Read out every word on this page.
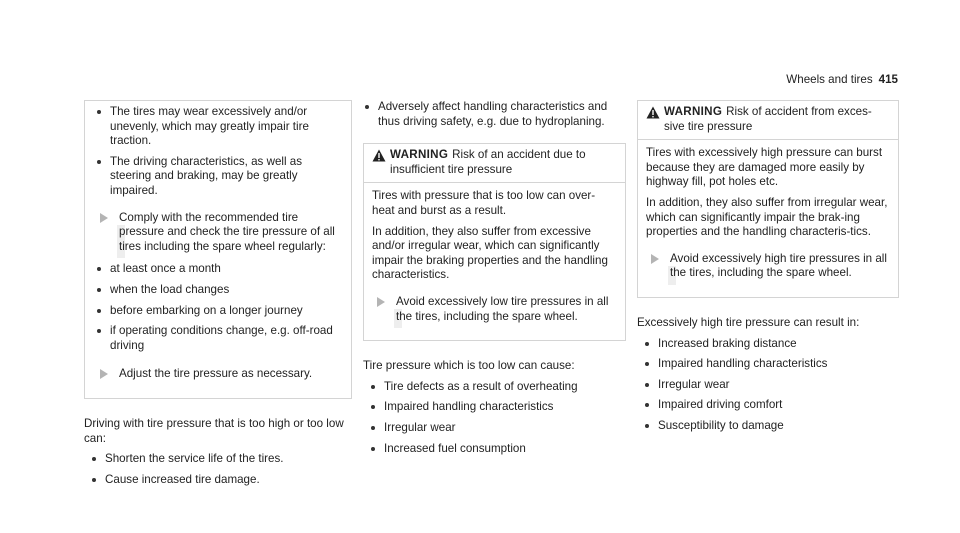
Wheels and tires 415
The tires may wear excessively and/or unevenly, which may greatly impair tire traction.
The driving characteristics, as well as steering and braking, may be greatly impaired.
Comply with the recommended tire pressure and check the tire pressure of all tires including the spare wheel regularly:
at least once a month
when the load changes
before embarking on a longer journey
if operating conditions change, e.g. off-road driving
Adjust the tire pressure as necessary.

Driving with tire pressure that is too high or too low can:

Shorten the service life of the tires.
Cause increased tire damage.
Adversely affect handling characteristics and thus driving safety, e.g. due to hydroplaning.
WARNING Risk of an accident due to insufficient tire pressure

Tires with pressure that is too low can over-heat and burst as a result.

In addition, they also suffer from excessive and/or irregular wear, which can significantly impair the braking properties and the handling characteristics.

Avoid excessively low tire pressures in all the tires, including the spare wheel.

Tire pressure which is too low can cause:

Tire defects as a result of overheating
Impaired handling characteristics
Irregular wear
Increased fuel consumption
WARNING Risk of accident from exces-sive tire pressure

Tires with excessively high pressure can burst because they are damaged more easily by highway fill, pot holes etc.

In addition, they also suffer from irregular wear, which can significantly impair the brak-ing properties and the handling characteris-tics.

Avoid excessively high tire pressures in all the tires, including the spare wheel.

Excessively high tire pressure can result in:

Increased braking distance
Impaired handling characteristics
Irregular wear
Impaired driving comfort
Susceptibility to damage
